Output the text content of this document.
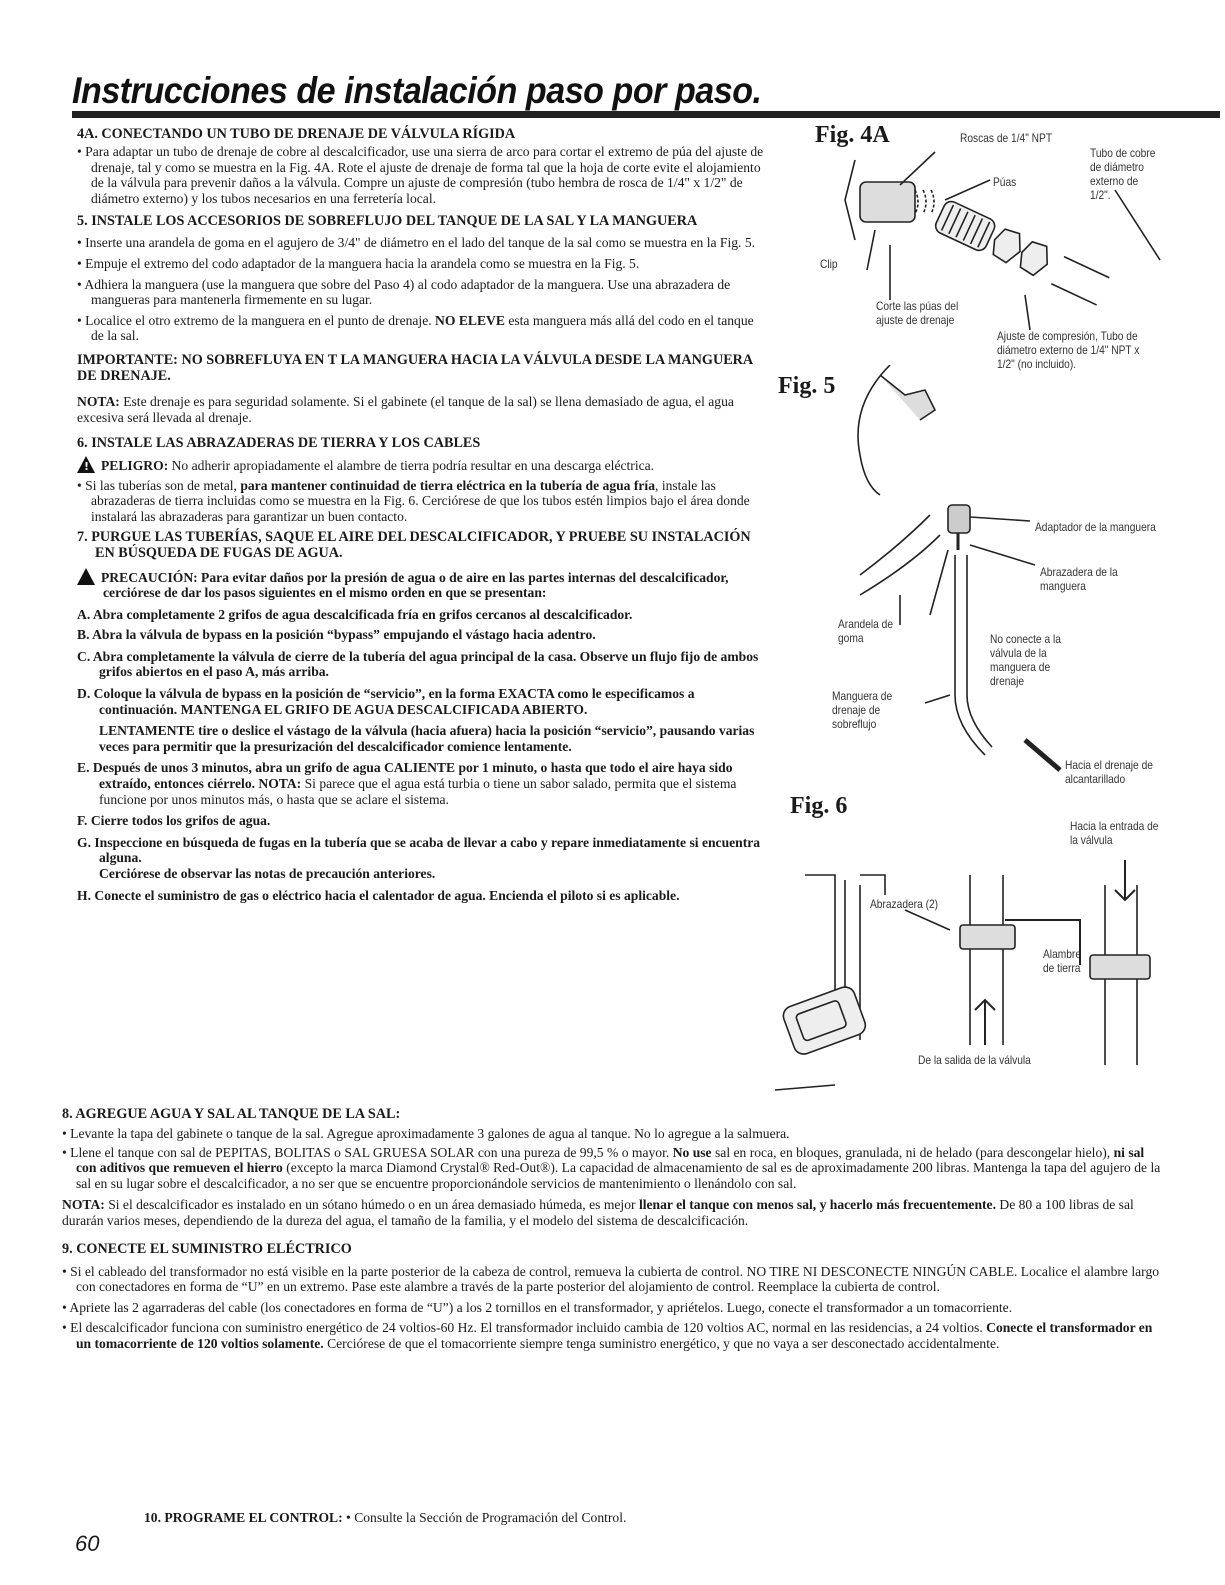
Instrucciones de instalación paso por paso.

4A. CONECTANDO UN TUBO DE DRENAJE DE VÁLVULA RÍGIDA

• Para adaptar un tubo de drenaje de cobre al descalcificador, use una sierra de arco para cortar el extremo de púa del ajuste de drenaje, tal y como se muestra en la Fig. 4A. Rote el ajuste de drenaje de forma tal que la hoja de corte evite el alojamiento de la válvula para prevenir daños a la válvula. Compre un ajuste de compresión (tubo hembra de rosca de 1/4" x 1/2" de diámetro externo) y los tubos necesarios en una ferretería local.

5. INSTALE LOS ACCESORIOS DE SOBREFLUJO DEL TANQUE DE LA SAL Y LA MANGUERA

• Inserte una arandela de goma en el agujero de 3/4" de diámetro en el lado del tanque de la sal como se muestra en la Fig. 5.

• Empuje el extremo del codo adaptador de la manguera hacia la arandela como se muestra en la Fig. 5.

• Adhiera la manguera (use la manguera que sobre del Paso 4) al codo adaptador de la manguera. Use una abrazadera de mangueras para mantenerla firmemente en su lugar.

• Localice el otro extremo de la manguera en el punto de drenaje. NO ELEVE esta manguera más allá del codo en el tanque de la sal.

IMPORTANTE: NO SOBREFLUYA EN T LA MANGUERA HACIA LA VÁLVULA DESDE LA MANGUERA DE DRENAJE.

NOTA: Este drenaje es para seguridad solamente. Si el gabinete (el tanque de la sal) se llena demasiado de agua, el agua excesiva será llevada al drenaje.

6. INSTALE LAS ABRAZADERAS DE TIERRA Y LOS CABLES

!PELIGRO: No adherir apropiadamente el alambre de tierra podría resultar en una descarga eléctrica.

• Si las tuberías son de metal, para mantener continuidad de tierra eléctrica en la tubería de agua fría, instale las abrazaderas de tierra incluidas como se muestra en la Fig. 6. Cerciórese de que los tubos estén limpios bajo el área donde instalará las abrazaderas para garantizar un buen contacto.

7. PURGUE LAS TUBERÍAS, SAQUE EL AIRE DEL DESCALCIFICADOR, Y PRUEBE SU INSTALACIÓN EN BÚSQUEDA DE FUGAS DE AGUA.

!PRECAUCIÓN: Para evitar daños por la presión de agua o de aire en las partes internas del descalcificador, cerciórese de dar los pasos siguientes en el mismo orden en que se presentan:

A. Abra completamente 2 grifos de agua descalcificada fría en grifos cercanos al descalcificador.

B. Abra la válvula de bypass en la posición “bypass” empujando el vástago hacia adentro.

C. Abra completamente la válvula de cierre de la tubería del agua principal de la casa. Observe un flujo fijo de ambos grifos abiertos en el paso A, más arriba.

D. Coloque la válvula de bypass en la posición de “servicio”, en la forma EXACTA como le especificamos a continuación. MANTENGA EL GRIFO DE AGUA DESCALCIFICADA ABIERTO.

LENTAMENTE tire o deslice el vástago de la válvula (hacia afuera) hacia la posición “servicio”, pausando varias veces para permitir que la presurización del descalcificador comience lentamente.

E. Después de unos 3 minutos, abra un grifo de agua CALIENTE por 1 minuto, o hasta que todo el aire haya sido extraído, entonces ciérrelo. NOTA: Si parece que el agua está turbia o tiene un sabor salado, permita que el sistema funcione por unos minutos más, o hasta que se aclare el sistema.

F. Cierre todos los grifos de agua.

G. Inspeccione en búsqueda de fugas en la tubería que se acaba de llevar a cabo y repare inmediatamente si encuentra alguna.

Cerciórese de observar las notas de precaución anteriores.

H. Conecte el suministro de gas o eléctrico hacia el calentador de agua. Encienda el piloto si es aplicable.

8. AGREGUE AGUA Y SAL AL TANQUE DE LA SAL:

• Levante la tapa del gabinete o tanque de la sal. Agregue aproximadamente 3 galones de agua al tanque. No lo agregue a la salmuera.

• Llene el tanque con sal de PEPITAS, BOLITAS o SAL GRUESA SOLAR con una pureza de 99,5 % o mayor. No use sal en roca, en bloques, granulada, ni de helado (para descongelar hielo), ni sal con aditivos que remueven el hierro (excepto la marca Diamond Crystal® Red-Out®). La capacidad de almacenamiento de sal es de aproximadamente 200 libras. Mantenga la tapa del agujero de la sal en su lugar sobre el descalcificador, a no ser que se encuentre proporcionándole servicios de mantenimiento o llenándolo con sal.

NOTA: Si el descalcificador es instalado en un sótano húmedo o en un área demasiado húmeda, es mejor llenar el tanque con menos sal, y hacerlo más frecuentemente. De 80 a 100 libras de sal durarán varios meses, dependiendo de la dureza del agua, el tamaño de la familia, y el modelo del sistema de descalcificación.

9. CONECTE EL SUMINISTRO ELÉCTRICO

• Si el cableado del transformador no está visible en la parte posterior de la cabeza de control, remueva la cubierta de control. NO TIRE NI DESCONECTE NINGÚN CABLE. Localice el alambre largo con conectadores en forma de “U” en un extremo. Pase este alambre a través de la parte posterior del alojamiento de control. Reemplace la cubierta de control.

• Apriete las 2 agarraderas del cable (los conectadores en forma de “U”) a los 2 tornillos en el transformador, y apriételos. Luego, conecte el transformador a un tomacorriente.

• El descalcificador funciona con suministro energético de 24 voltios-60 Hz. El transformador incluido cambia de 120 voltios AC, normal en las residencias, a 24 voltios. Conecte el transformador en un tomacorriente de 120 voltios solamente. Cerciórese de que el tomacorriente siempre tenga suministro energético, y que no vaya a ser desconectado accidentalmente.

10. PROGRAME EL CONTROL: • Consulte la Sección de Programación del Control.
60
Fig. 4A	Roscas de 1/4" NPT
Púas
Tubo de cobre de diámetro externo de 1/2".
Clip
Corte las púas del ajuste de drenaje
Ajuste de compresión, Tubo de diámetro externo de 1/4" NPT x 1/2" (no incluido).
Fig. 5
Adaptador de la manguera
Abrazadera de la manguera
Arandela de goma	No conecte a la válvula de la manguera de drenaje
Manguera de drenaje de sobreflujo
Hacia el drenaje de alcantarillado
Fig. 6
Hacia la entrada de la válvula
Abrazadera (2)
Alambre de tierra
De la salida de la válvula
